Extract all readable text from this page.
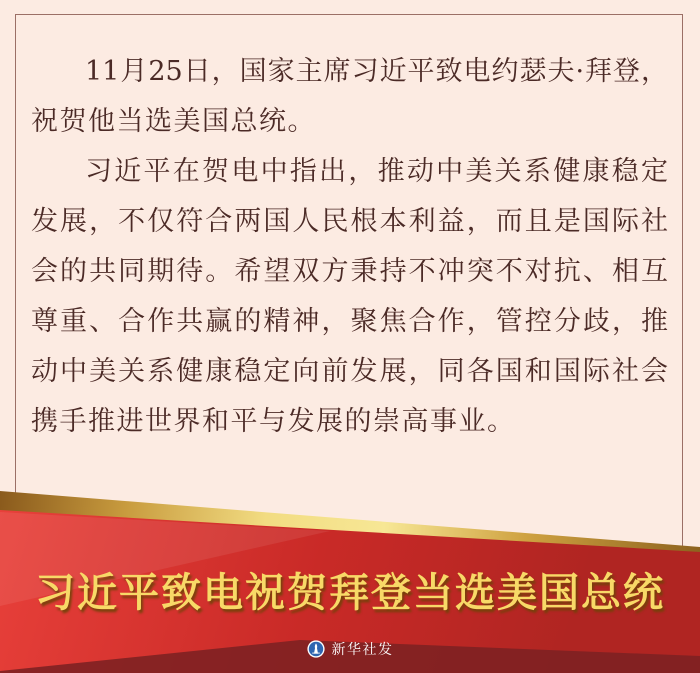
11月25日，国家主席习近平致电约瑟夫·拜登，
祝贺他当选美国总统。
习近平在贺电中指出，推动中美关系健康稳定
发展，不仅符合两国人民根本利益，而且是国际社
会的共同期待。希望双方秉持不冲突不对抗、相互
尊重、合作共赢的精神，聚焦合作，管控分歧，推
动中美关系健康稳定向前发展，同各国和国际社会
携手推进世界和平与发展的崇高事业。
习近平致电祝贺拜登当选美国总统
新华社发
